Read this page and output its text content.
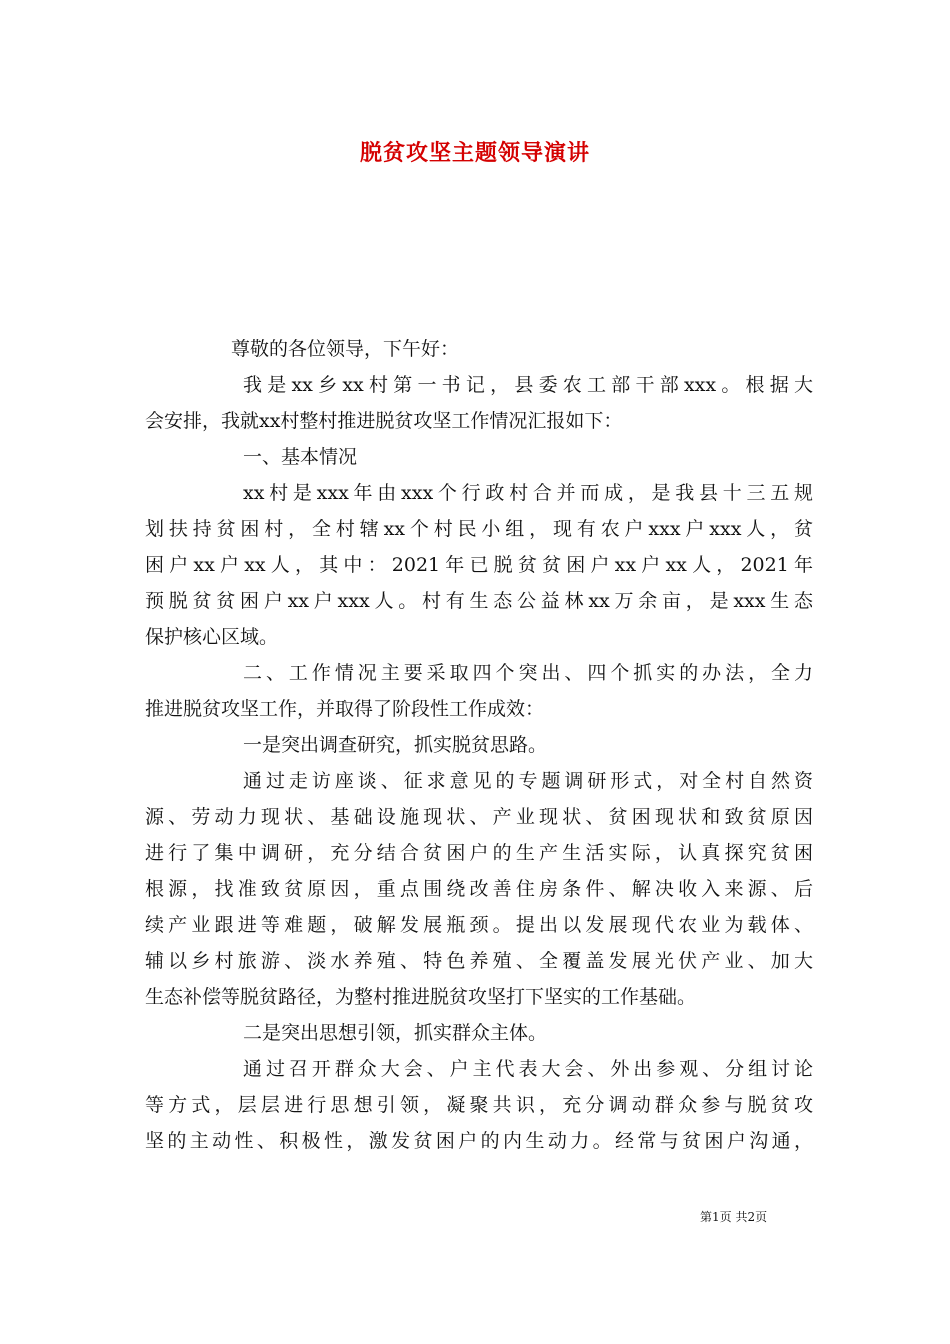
脱贫攻坚主题领导演讲
尊敬的各位领导，下午好：
我是xx乡xx村第一书记，县委农工部干部xxx。根据大
会安排，我就xx村整村推进脱贫攻坚工作情况汇报如下：
一、基本情况
xx村是xxx年由xxx个行政村合并而成，是我县十三五规
划扶持贫困村，全村辖xx个村民小组，现有农户xxx户xxx人，贫
困户xx户xx人，其中：2021年已脱贫贫困户xx户xx人，2021年
预脱贫贫困户xx户xxx人。村有生态公益林xx万余亩，是xxx生态
保护核心区域。
二、工作情况主要采取四个突出、四个抓实的办法，全力
推进脱贫攻坚工作，并取得了阶段性工作成效：
一是突出调查研究，抓实脱贫思路。
通过走访座谈、征求意见的专题调研形式，对全村自然资
源、劳动力现状、基础设施现状、产业现状、贫困现状和致贫原因
进行了集中调研，充分结合贫困户的生产生活实际，认真探究贫困
根源，找准致贫原因，重点围绕改善住房条件、解决收入来源、后
续产业跟进等难题，破解发展瓶颈。提出以发展现代农业为载体、
辅以乡村旅游、淡水养殖、特色养殖、全覆盖发展光伏产业、加大
生态补偿等脱贫路径，为整村推进脱贫攻坚打下坚实的工作基础。
二是突出思想引领，抓实群众主体。
通过召开群众大会、户主代表大会、外出参观、分组讨论
等方式，层层进行思想引领，凝聚共识，充分调动群众参与脱贫攻
坚的主动性、积极性，激发贫困户的内生动力。经常与贫困户沟通，
第1页 共2页
